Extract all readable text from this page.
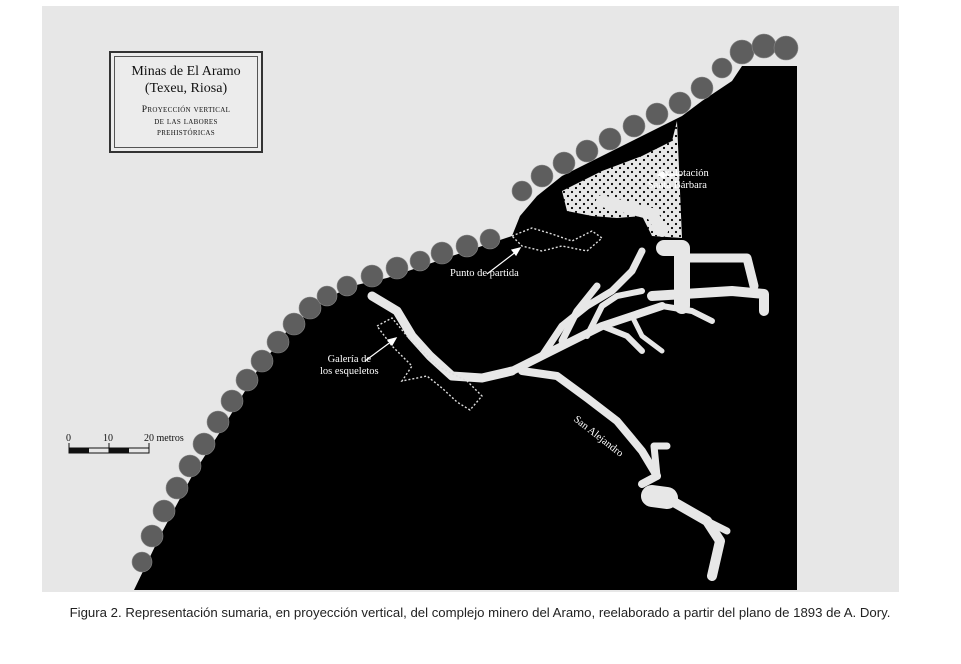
Minas de El Aramo
(Texeu, Riosa)
Proyección vertical
de las labores
prehistóricas
Explotación
Santa Bárbara
Punto de partida
Galería de
los esqueletos
San Alejandro
0	10	20 metros
Figura 2. Representación sumaria, en proyección vertical, del complejo minero del Aramo, reelaborado a partir del plano de 1893 de A. Dory.
